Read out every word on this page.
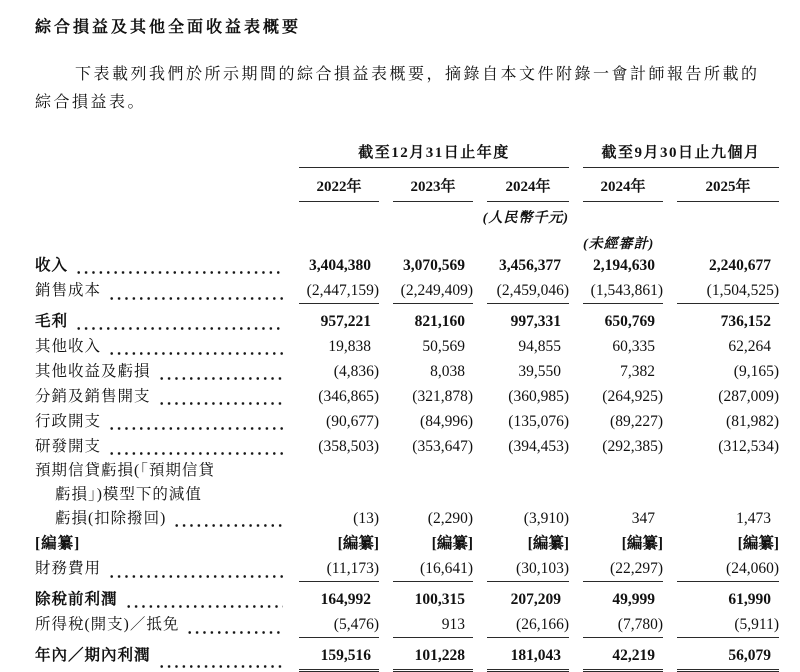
綜合損益及其他全面收益表概要

下表載列我們於所示期間的綜合損益表概要，摘錄自本文件附錄一會計師報告所載的綜合損益表。

截至12月31日止年度	截至9月30日止九個月
2022年	2023年	2024年	2024年	2025年
(人民幣千元)
(未經審計)
收入	3,404,380	3,070,569	3,456,377	2,194,630	2,240,677
銷售成本	(2,447,159)	(2,249,409)	(2,459,046)	(1,543,861)	(1,504,525)
毛利	957,221	821,160	997,331	650,769	736,152
其他收入	19,838	50,569	94,855	60,335	62,264
其他收益及虧損	(4,836)	8,038	39,550	7,382	(9,165)
分銷及銷售開支	(346,865)	(321,878)	(360,985)	(264,925)	(287,009)
行政開支	(90,677)	(84,996)	(135,076)	(89,227)	(81,982)
研發開支	(358,503)	(353,647)	(394,453)	(292,385)	(312,534)
預期信貸虧損(「預期信貸
虧損」)模型下的減值
虧損(扣除撥回)	(13)	(2,290)	(3,910)	347	1,473
[編纂]	[編纂]	[編纂]	[編纂]	[編纂]	[編纂]
財務費用	(11,173)	(16,641)	(30,103)	(22,297)	(24,060)
除稅前利潤	164,992	100,315	207,209	49,999	61,990
所得稅(開支)／抵免	(5,476)	913	(26,166)	(7,780)	(5,911)
年內／期內利潤	159,516	101,228	181,043	42,219	56,079
